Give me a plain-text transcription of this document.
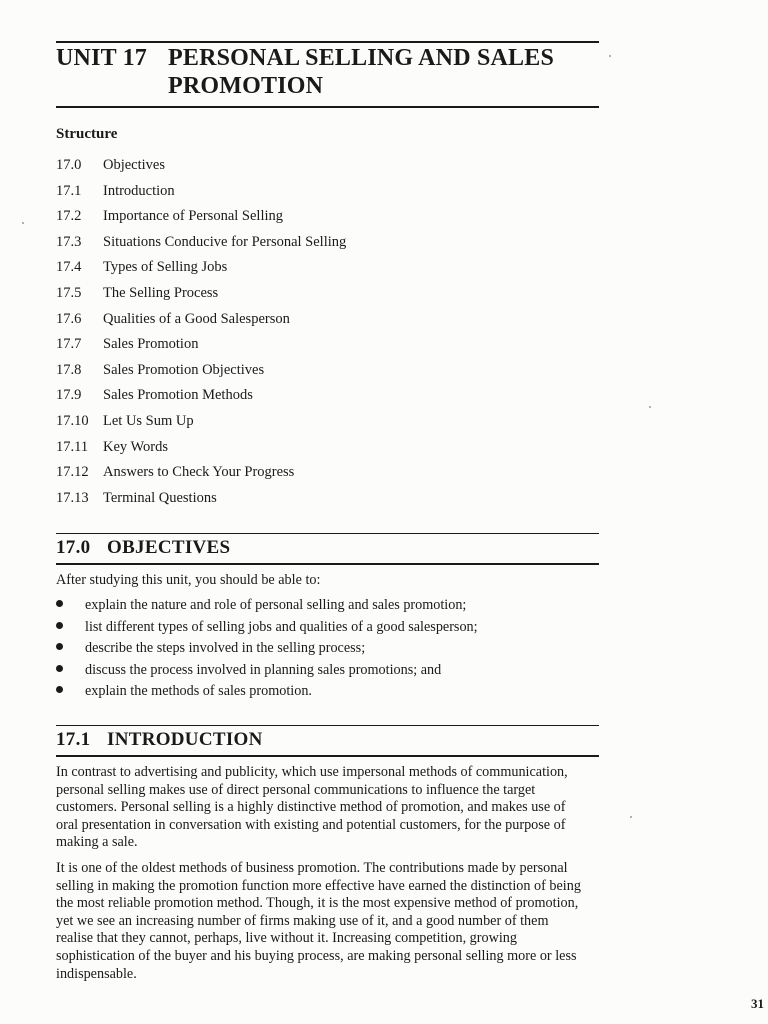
UNIT 17 PERSONAL SELLING AND SALES
PROMOTION
Structure
17.0 Objectives
17.1 Introduction
17.2 Importance of Personal Selling
17.3 Situations Conducive for Personal Selling
17.4 Types of Selling Jobs
17.5 The Selling Process
17.6 Qualities of a Good Salesperson
17.7 Sales Promotion
17.8 Sales Promotion Objectives
17.9 Sales Promotion Methods
17.10 Let Us Sum Up
17.11 Key Words
17.12 Answers to Check Your Progress
17.13 Terminal Questions
17.0 OBJECTIVES

After studying this unit, you should be able to:

explain the nature and role of personal selling and sales promotion;
list different types of selling jobs and qualities of a good salesperson;
describe the steps involved in the selling process;
discuss the process involved in planning sales promotions; and
explain the methods of sales promotion.
17.1 INTRODUCTION

In contrast to advertising and publicity, which use impersonal methods of communication, personal selling makes use of direct personal communications to influence the target customers. Personal selling is a highly distinctive method of promotion, and makes use of oral presentation in conversation with existing and potential customers, for the purpose of making a sale.

It is one of the oldest methods of business promotion. The contributions made by personal selling in making the promotion function more effective have earned the distinction of being the most reliable promotion method. Though, it is the most expensive method of promotion, yet we see an increasing number of firms making use of it, and a good number of them realise that they cannot, perhaps, live without it. Increasing competition, growing sophistication of the buyer and his buying process, are making personal selling more or less indispensable.

31
